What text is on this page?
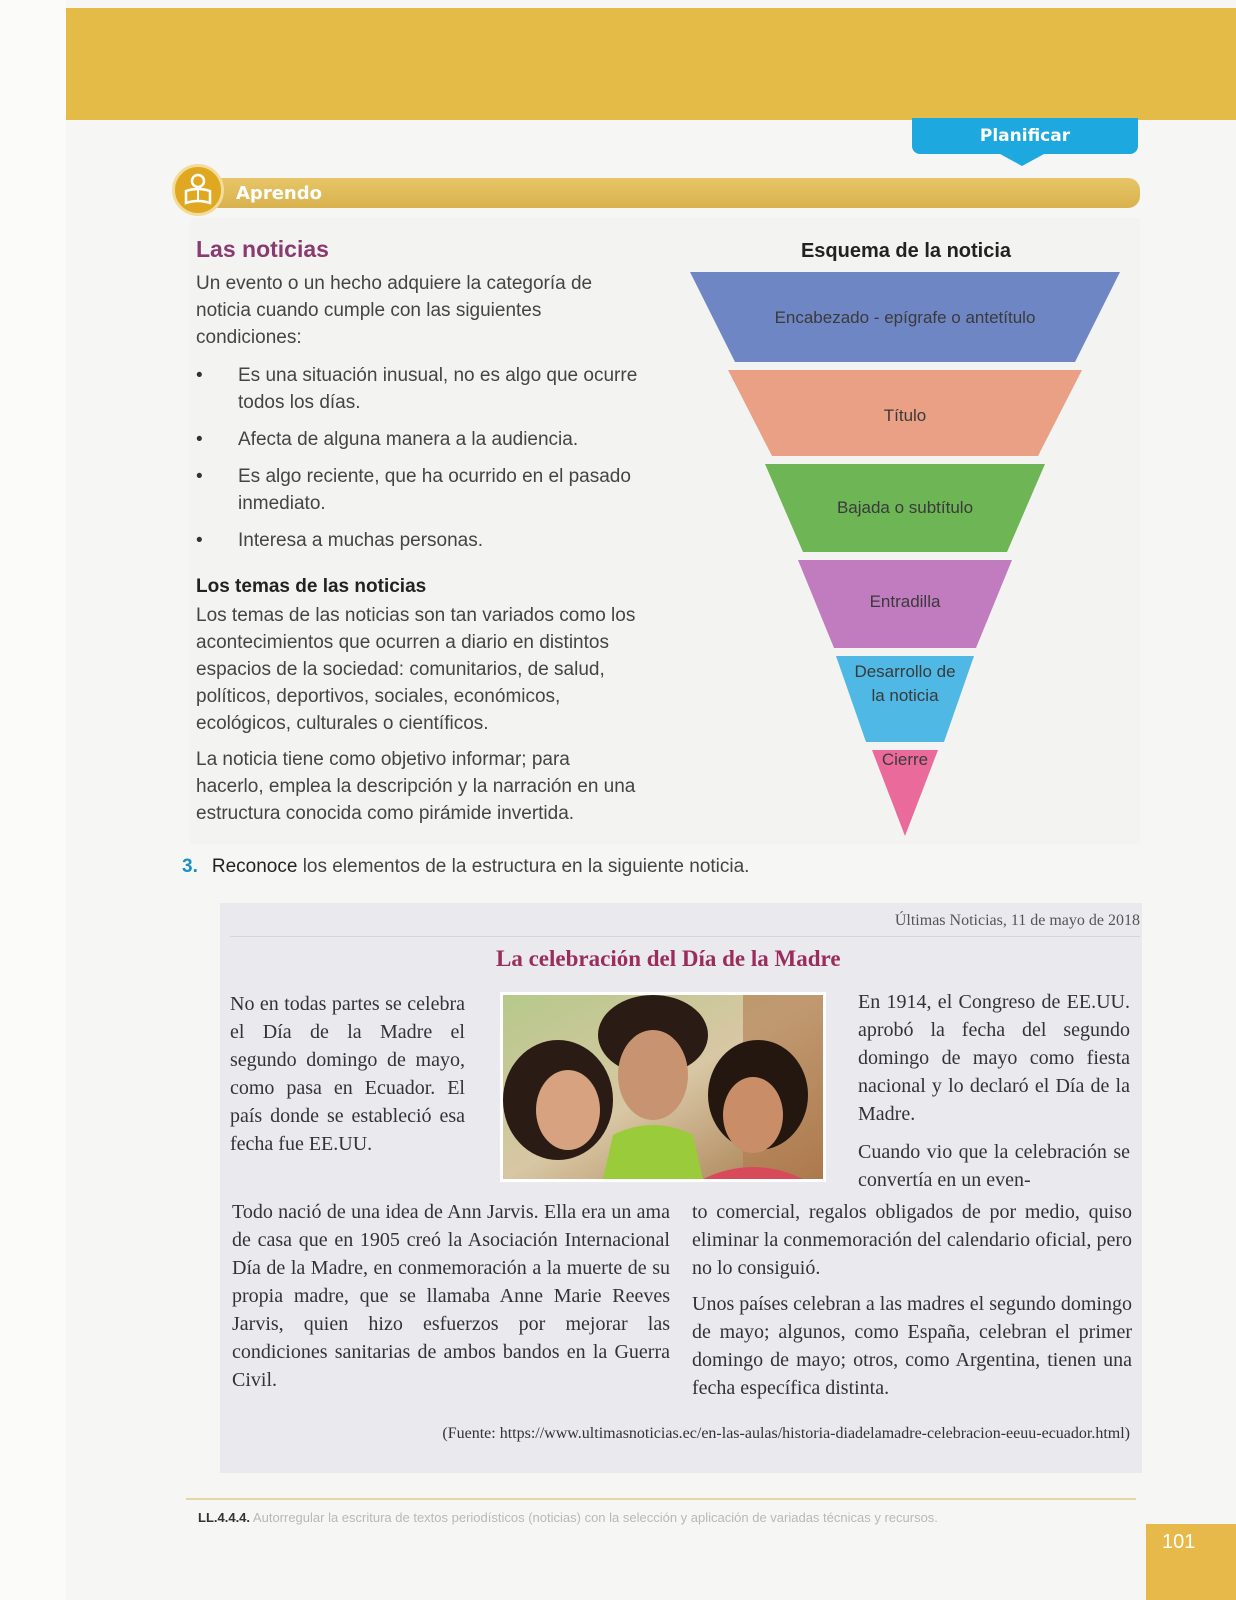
Planificar
Aprendo
Las noticias
Un evento o un hecho adquiere la categoría de noticia cuando cumple con las siguientes condiciones:
• Es una situación inusual, no es algo que ocurre todos los días.
• Afecta de alguna manera a la audiencia.
• Es algo reciente, que ha ocurrido en el pasado inmediato.
• Interesa a muchas personas.
Los temas de las noticias
Los temas de las noticias son tan variados como los acontecimientos que ocurren a diario en distintos espacios de la sociedad: comunitarios, de salud, políticos, deportivos, sociales, económicos, ecológicos, culturales o científicos.
La noticia tiene como objetivo informar; para hacerlo, emplea la descripción y la narración en una estructura conocida como pirámide invertida.
Esquema de la noticia
Encabezado - epígrafe o antetítulo
Título
Bajada o subtítulo
Entradilla
Desarrollo de la noticia
Cierre
3. Reconoce los elementos de la estructura en la siguiente noticia.
Últimas Noticias, 11 de mayo de 2018
La celebración del Día de la Madre
No en todas partes se celebra el Día de la Madre el segundo domingo de mayo, como pasa en Ecuador. El país donde se estableció esa fecha fue EE.UU.
En 1914, el Congreso de EE.UU. aprobó la fecha del segundo domingo de mayo como fiesta nacional y lo declaró el Día de la Madre.
Cuando vio que la celebración se convertía en un even-
Todo nació de una idea de Ann Jarvis. Ella era un ama de casa que en 1905 creó la Asociación Internacional Día de la Madre, en conmemoración a la muerte de su propia madre, que se llamaba Anne Marie Reeves Jarvis, quien hizo esfuerzos por mejorar las condiciones sanitarias de ambos bandos en la Guerra Civil.
to comercial, regalos obligados de por medio, quiso eliminar la conmemoración del calendario oficial, pero no lo consiguió.
Unos países celebran a las madres el segundo domingo de mayo; algunos, como España, celebran el primer domingo de mayo; otros, como Argentina, tienen una fecha específica distinta.
(Fuente: https://www.ultimasnoticias.ec/en-las-aulas/historia-diadelamadre-celebracion-eeuu-ecuador.html)
LL.4.4.4. Autorregular la escritura de textos periodísticos (noticias) con la selección y aplicación de variadas técnicas y recursos.
101
